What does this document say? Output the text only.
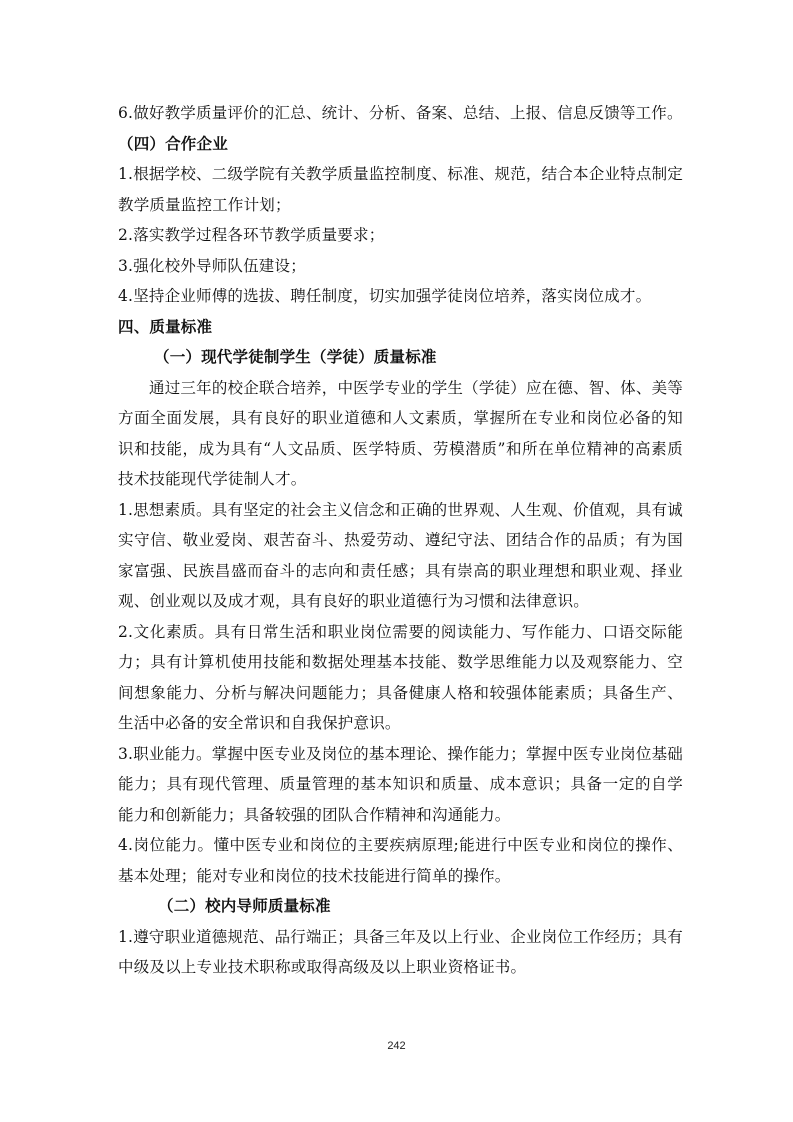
6.做好教学质量评价的汇总、统计、分析、备案、总结、上报、信息反馈等工作。

（四）合作企业

1.根据学校、二级学院有关教学质量监控制度、标准、规范，结合本企业特点制定教学质量监控工作计划；

2.落实教学过程各环节教学质量要求；

3.强化校外导师队伍建设；

4.坚持企业师傅的选拔、聘任制度，切实加强学徒岗位培养，落实岗位成才。

四、质量标准

（一）现代学徒制学生（学徒）质量标准

通过三年的校企联合培养，中医学专业的学生（学徒）应在德、智、体、美等方面全面发展，具有良好的职业道德和人文素质，掌握所在专业和岗位必备的知识和技能，成为具有“人文品质、医学特质、劳模潜质”和所在单位精神的高素质技术技能现代学徒制人才。

1.思想素质。具有坚定的社会主义信念和正确的世界观、人生观、价值观，具有诚实守信、敬业爱岗、艰苦奋斗、热爱劳动、遵纪守法、团结合作的品质；有为国家富强、民族昌盛而奋斗的志向和责任感；具有崇高的职业理想和职业观、择业观、创业观以及成才观，具有良好的职业道德行为习惯和法律意识。

2.文化素质。具有日常生活和职业岗位需要的阅读能力、写作能力、口语交际能力；具有计算机使用技能和数据处理基本技能、数学思维能力以及观察能力、空间想象能力、分析与解决问题能力；具备健康人格和较强体能素质；具备生产、生活中必备的安全常识和自我保护意识。

3.职业能力。掌握中医专业及岗位的基本理论、操作能力；掌握中医专业岗位基础能力；具有现代管理、质量管理的基本知识和质量、成本意识；具备一定的自学能力和创新能力；具备较强的团队合作精神和沟通能力。

4.岗位能力。懂中医专业和岗位的主要疾病原理;能进行中医专业和岗位的操作、基本处理；能对专业和岗位的技术技能进行简单的操作。

（二）校内导师质量标准

1.遵守职业道德规范、品行端正；具备三年及以上行业、企业岗位工作经历；具有中级及以上专业技术职称或取得高级及以上职业资格证书。

242
